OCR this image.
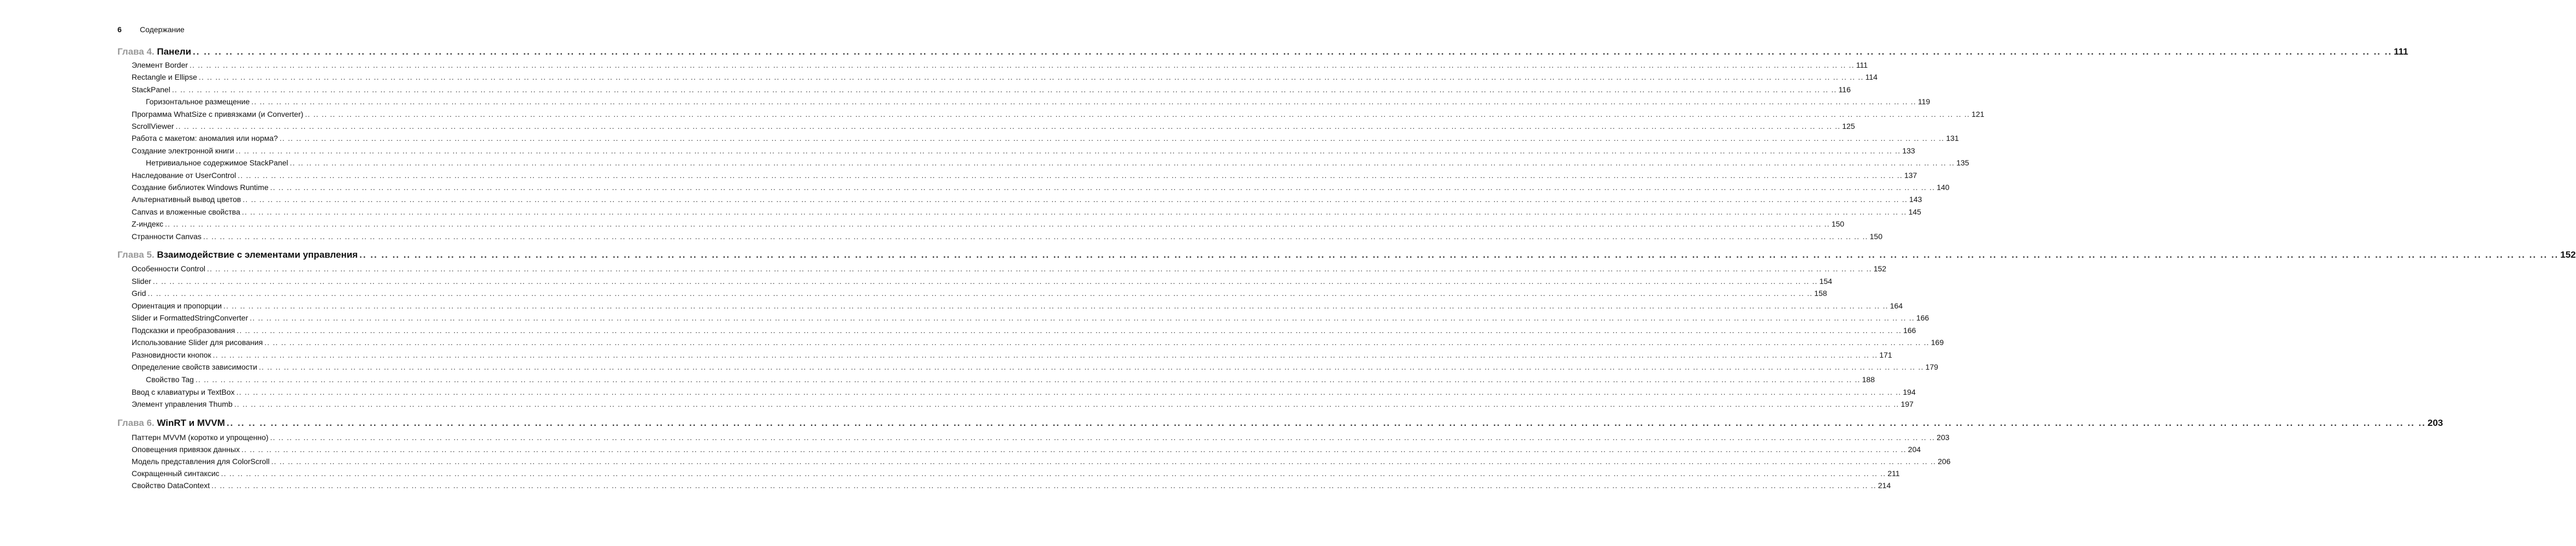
6 Содержание
Глава 4. Панели .. .. .. .. .. .. .. .. .. .. .. .. .. .. .. .. .. .. .. .. .. .. .. .. .. .. .. .. .. .. .. .. .. .. .. .. .. .. .. .. .. .. .. .. .. .. .. .. .. .. .. .. .. .. .. .. .. .. .. .. .. .. .. .. .. .. .. .. .. .. .. .. .. .. .. .. .. .. .. .. .. .. .. .. .. .. .. .. .. .. .. .. .. .. .. .. .. .. .. .. .. .. .. .. .. .. .. .. .. .. .. .. .. .. .. .. .. .. .. .. .. .. .. .. .. .. .. .. .. .. .. .. .. .. .. .. .. .. .. .. .. .. .. .. .. .. .. .. .. .. .. .. .. .. .. .. .. .. .. .. .. .. .. .. .. .. .. .. .. .. .. .. .. .. .. .. .. .. .. .. .. .. .. .. .. .. .. .. .. .. .. .. .. .. .. .. .. .. .. .. 111
Элемент Border .. .. .. .. .. .. .. .. .. .. .. .. .. .. .. .. .. .. .. .. .. .. .. .. .. .. .. .. .. .. .. .. .. .. .. .. .. .. .. .. .. .. .. .. .. .. .. .. .. .. .. .. .. .. .. .. .. .. .. .. .. .. .. .. .. .. .. .. .. .. .. .. .. .. .. .. .. .. .. .. .. .. .. .. .. .. .. .. .. .. .. .. .. .. .. .. .. .. .. .. .. .. .. .. .. .. .. .. .. .. .. .. .. .. .. .. .. .. .. .. .. .. .. .. .. .. .. .. .. .. .. .. .. .. .. .. .. .. .. .. .. .. .. .. .. .. .. .. .. .. .. .. .. .. .. .. .. .. .. .. .. .. .. .. .. .. .. .. .. .. .. .. .. .. .. .. .. .. .. .. .. .. .. .. .. .. .. .. .. .. .. .. .. .. .. .. .. .. .. .. 111
Rectangle и Ellipse .. .. .. .. .. .. .. .. .. .. .. .. .. .. .. .. .. .. .. .. .. .. .. .. .. .. .. .. .. .. .. .. .. .. .. .. .. .. .. .. .. .. .. .. .. .. .. .. .. .. .. .. .. .. .. .. .. .. .. .. .. .. .. .. .. .. .. .. .. .. .. .. .. .. .. .. .. .. .. .. .. .. .. .. .. .. .. .. .. .. .. .. .. .. .. .. .. .. .. .. .. .. .. .. .. .. .. .. .. .. .. .. .. .. .. .. .. .. .. .. .. .. .. .. .. .. .. .. .. .. .. .. .. .. .. .. .. .. .. .. .. .. .. .. .. .. .. .. .. .. .. .. .. .. .. .. .. .. .. .. .. .. .. .. .. .. .. .. .. .. .. .. .. .. .. .. .. .. .. .. .. .. .. .. .. .. .. .. .. .. .. .. .. .. .. .. .. .. .. .. 114
StackPanel .. .. .. .. .. .. .. .. .. .. .. .. .. .. .. .. .. .. .. .. .. .. .. .. .. .. .. .. .. .. .. .. .. .. .. .. .. .. .. .. .. .. .. .. .. .. .. .. .. .. .. .. .. .. .. .. .. .. .. .. .. .. .. .. .. .. .. .. .. .. .. .. .. .. .. .. .. .. .. .. .. .. .. .. .. .. .. .. .. .. .. .. .. .. .. .. .. .. .. .. .. .. .. .. .. .. .. .. .. .. .. .. .. .. .. .. .. .. .. .. .. .. .. .. .. .. .. .. .. .. .. .. .. .. .. .. .. .. .. .. .. .. .. .. .. .. .. .. .. .. .. .. .. .. .. .. .. .. .. .. .. .. .. .. .. .. .. .. .. .. .. .. .. .. .. .. .. .. .. .. .. .. .. .. .. .. .. .. .. .. .. .. .. .. .. .. .. .. .. .. 116
Горизонтальное размещение .. .. .. .. .. .. .. .. .. .. .. .. .. .. .. .. .. .. .. .. .. .. .. .. .. .. .. .. .. .. .. .. .. .. .. .. .. .. .. .. .. .. .. .. .. .. .. .. .. .. .. .. .. .. .. .. .. .. .. .. .. .. .. .. .. .. .. .. .. .. .. .. .. .. .. .. .. .. .. .. .. .. .. .. .. .. .. .. .. .. .. .. .. .. .. .. .. .. .. .. .. .. .. .. .. .. .. .. .. .. .. .. .. .. .. .. .. .. .. .. .. .. .. .. .. .. .. .. .. .. .. .. .. .. .. .. .. .. .. .. .. .. .. .. .. .. .. .. .. .. .. .. .. .. .. .. .. .. .. .. .. .. .. .. .. .. .. .. .. .. .. .. .. .. .. .. .. .. .. .. .. .. .. .. .. .. .. .. .. .. .. .. .. .. .. .. .. .. .. .. 119
Программа WhatSize с привязками (и Converter) .. .. .. .. .. .. .. .. .. .. .. .. .. .. .. .. .. .. .. .. .. .. .. .. .. .. .. .. .. .. .. .. .. .. .. .. .. .. .. .. .. .. .. .. .. .. .. .. .. .. .. .. .. .. .. .. .. .. .. .. .. .. .. .. .. .. .. .. .. .. .. .. .. .. .. .. .. .. .. .. .. .. .. .. .. .. .. .. .. .. .. .. .. .. .. .. .. .. .. .. .. .. .. .. .. .. .. .. .. .. .. .. .. .. .. .. .. .. .. .. .. .. .. .. .. .. .. .. .. .. .. .. .. .. .. .. .. .. .. .. .. .. .. .. .. .. .. .. .. .. .. .. .. .. .. .. .. .. .. .. .. .. .. .. .. .. .. .. .. .. .. .. .. .. .. .. .. .. .. .. .. .. .. .. .. .. .. .. .. .. .. .. .. .. .. .. .. .. .. .. 121
ScrollViewer .. .. .. .. .. .. .. .. .. .. .. .. .. .. .. .. .. .. .. .. .. .. .. .. .. .. .. .. .. .. .. .. .. .. .. .. .. .. .. .. .. .. .. .. .. .. .. .. .. .. .. .. .. .. .. .. .. .. .. .. .. .. .. .. .. .. .. .. .. .. .. .. .. .. .. .. .. .. .. .. .. .. .. .. .. .. .. .. .. .. .. .. .. .. .. .. .. .. .. .. .. .. .. .. .. .. .. .. .. .. .. .. .. .. .. .. .. .. .. .. .. .. .. .. .. .. .. .. .. .. .. .. .. .. .. .. .. .. .. .. .. .. .. .. .. .. .. .. .. .. .. .. .. .. .. .. .. .. .. .. .. .. .. .. .. .. .. .. .. .. .. .. .. .. .. .. .. .. .. .. .. .. .. .. .. .. .. .. .. .. .. .. .. .. .. .. .. .. .. .. 125
Работа с макетом: аномалия или норма? .. .. .. .. .. .. .. .. .. .. .. .. .. .. .. .. .. .. .. .. .. .. .. .. .. .. .. .. .. .. .. .. .. .. .. .. .. .. .. .. .. .. .. .. .. .. .. .. .. .. .. .. .. .. .. .. .. .. .. .. .. .. .. .. .. .. .. .. .. .. .. .. .. .. .. .. .. .. .. .. .. .. .. .. .. .. .. .. .. .. .. .. .. .. .. .. .. .. .. .. .. .. .. .. .. .. .. .. .. .. .. .. .. .. .. .. .. .. .. .. .. .. .. .. .. .. .. .. .. .. .. .. .. .. .. .. .. .. .. .. .. .. .. .. .. .. .. .. .. .. .. .. .. .. .. .. .. .. .. .. .. .. .. .. .. .. .. .. .. .. .. .. .. .. .. .. .. .. .. .. .. .. .. .. .. .. .. .. .. .. .. .. .. .. .. .. .. .. .. .. 131
Создание электронной книги .. .. .. .. .. .. .. .. .. .. .. .. .. .. .. .. .. .. .. .. .. .. .. .. .. .. .. .. .. .. .. .. .. .. .. .. .. .. .. .. .. .. .. .. .. .. .. .. .. .. .. .. .. .. .. .. .. .. .. .. .. .. .. .. .. .. .. .. .. .. .. .. .. .. .. .. .. .. .. .. .. .. .. .. .. .. .. .. .. .. .. .. .. .. .. .. .. .. .. .. .. .. .. .. .. .. .. .. .. .. .. .. .. .. .. .. .. .. .. .. .. .. .. .. .. .. .. .. .. .. .. .. .. .. .. .. .. .. .. .. .. .. .. .. .. .. .. .. .. .. .. .. .. .. .. .. .. .. .. .. .. .. .. .. .. .. .. .. .. .. .. .. .. .. .. .. .. .. .. .. .. .. .. .. .. .. .. .. .. .. .. .. .. .. .. .. .. .. .. .. 133
Нетривиальное содержимое StackPanel .. .. .. .. .. .. .. .. .. .. .. .. .. .. .. .. .. .. .. .. .. .. .. .. .. .. .. .. .. .. .. .. .. .. .. .. .. .. .. .. .. .. .. .. .. .. .. .. .. .. .. .. .. .. .. .. .. .. .. .. .. .. .. .. .. .. .. .. .. .. .. .. .. .. .. .. .. .. .. .. .. .. .. .. .. .. .. .. .. .. .. .. .. .. .. .. .. .. .. .. .. .. .. .. .. .. .. .. .. .. .. .. .. .. .. .. .. .. .. .. .. .. .. .. .. .. .. .. .. .. .. .. .. .. .. .. .. .. .. .. .. .. .. .. .. .. .. .. .. .. .. .. .. .. .. .. .. .. .. .. .. .. .. .. .. .. .. .. .. .. .. .. .. .. .. .. .. .. .. .. .. .. .. .. .. .. .. .. .. .. .. .. .. .. .. .. .. .. .. .. 135
Наследование от UserControl .. .. .. .. .. .. .. .. .. .. .. .. .. .. .. .. .. .. .. .. .. .. .. .. .. .. .. .. .. .. .. .. .. .. .. .. .. .. .. .. .. .. .. .. .. .. .. .. .. .. .. .. .. .. .. .. .. .. .. .. .. .. .. .. .. .. .. .. .. .. .. .. .. .. .. .. .. .. .. .. .. .. .. .. .. .. .. .. .. .. .. .. .. .. .. .. .. .. .. .. .. .. .. .. .. .. .. .. .. .. .. .. .. .. .. .. .. .. .. .. .. .. .. .. .. .. .. .. .. .. .. .. .. .. .. .. .. .. .. .. .. .. .. .. .. .. .. .. .. .. .. .. .. .. .. .. .. .. .. .. .. .. .. .. .. .. .. .. .. .. .. .. .. .. .. .. .. .. .. .. .. .. .. .. .. .. .. .. .. .. .. .. .. .. .. .. .. .. .. .. 137
Создание библиотек Windows Runtime .. .. .. .. .. .. .. .. .. .. .. .. .. .. .. .. .. .. .. .. .. .. .. .. .. .. .. .. .. .. .. .. .. .. .. .. .. .. .. .. .. .. .. .. .. .. .. .. .. .. .. .. .. .. .. .. .. .. .. .. .. .. .. .. .. .. .. .. .. .. .. .. .. .. .. .. .. .. .. .. .. .. .. .. .. .. .. .. .. .. .. .. .. .. .. .. .. .. .. .. .. .. .. .. .. .. .. .. .. .. .. .. .. .. .. .. .. .. .. .. .. .. .. .. .. .. .. .. .. .. .. .. .. .. .. .. .. .. .. .. .. .. .. .. .. .. .. .. .. .. .. .. .. .. .. .. .. .. .. .. .. .. .. .. .. .. .. .. .. .. .. .. .. .. .. .. .. .. .. .. .. .. .. .. .. .. .. .. .. .. .. .. .. .. .. .. .. .. .. .. 140
Альтернативный вывод цветов .. .. .. .. .. .. .. .. .. .. .. .. .. .. .. .. .. .. .. .. .. .. .. .. .. .. .. .. .. .. .. .. .. .. .. .. .. .. .. .. .. .. .. .. .. .. .. .. .. .. .. .. .. .. .. .. .. .. .. .. .. .. .. .. .. .. .. .. .. .. .. .. .. .. .. .. .. .. .. .. .. .. .. .. .. .. .. .. .. .. .. .. .. .. .. .. .. .. .. .. .. .. .. .. .. .. .. .. .. .. .. .. .. .. .. .. .. .. .. .. .. .. .. .. .. .. .. .. .. .. .. .. .. .. .. .. .. .. .. .. .. .. .. .. .. .. .. .. .. .. .. .. .. .. .. .. .. .. .. .. .. .. .. .. .. .. .. .. .. .. .. .. .. .. .. .. .. .. .. .. .. .. .. .. .. .. .. .. .. .. .. .. .. .. .. .. .. .. .. .. 143
Canvas и вложенные свойства .. .. .. .. .. .. .. .. .. .. .. .. .. .. .. .. .. .. .. .. .. .. .. .. .. .. .. .. .. .. .. .. .. .. .. .. .. .. .. .. .. .. .. .. .. .. .. .. .. .. .. .. .. .. .. .. .. .. .. .. .. .. .. .. .. .. .. .. .. .. .. .. .. .. .. .. .. .. .. .. .. .. .. .. .. .. .. .. .. .. .. .. .. .. .. .. .. .. .. .. .. .. .. .. .. .. .. .. .. .. .. .. .. .. .. .. .. .. .. .. .. .. .. .. .. .. .. .. .. .. .. .. .. .. .. .. .. .. .. .. .. .. .. .. .. .. .. .. .. .. .. .. .. .. .. .. .. .. .. .. .. .. .. .. .. .. .. .. .. .. .. .. .. .. .. .. .. .. .. .. .. .. .. .. .. .. .. .. .. .. .. .. .. .. .. .. .. .. .. .. 145
Z-индекс .. .. .. .. .. .. .. .. .. .. .. .. .. .. .. .. .. .. .. .. .. .. .. .. .. .. .. .. .. .. .. .. .. .. .. .. .. .. .. .. .. .. .. .. .. .. .. .. .. .. .. .. .. .. .. .. .. .. .. .. .. .. .. .. .. .. .. .. .. .. .. .. .. .. .. .. .. .. .. .. .. .. .. .. .. .. .. .. .. .. .. .. .. .. .. .. .. .. .. .. .. .. .. .. .. .. .. .. .. .. .. .. .. .. .. .. .. .. .. .. .. .. .. .. .. .. .. .. .. .. .. .. .. .. .. .. .. .. .. .. .. .. .. .. .. .. .. .. .. .. .. .. .. .. .. .. .. .. .. .. .. .. .. .. .. .. .. .. .. .. .. .. .. .. .. .. .. .. .. .. .. .. .. .. .. .. .. .. .. .. .. .. .. .. .. .. .. .. .. .. 150
Странности Canvas .. .. .. .. .. .. .. .. .. .. .. .. .. .. .. .. .. .. .. .. .. .. .. .. .. .. .. .. .. .. .. .. .. .. .. .. .. .. .. .. .. .. .. .. .. .. .. .. .. .. .. .. .. .. .. .. .. .. .. .. .. .. .. .. .. .. .. .. .. .. .. .. .. .. .. .. .. .. .. .. .. .. .. .. .. .. .. .. .. .. .. .. .. .. .. .. .. .. .. .. .. .. .. .. .. .. .. .. .. .. .. .. .. .. .. .. .. .. .. .. .. .. .. .. .. .. .. .. .. .. .. .. .. .. .. .. .. .. .. .. .. .. .. .. .. .. .. .. .. .. .. .. .. .. .. .. .. .. .. .. .. .. .. .. .. .. .. .. .. .. .. .. .. .. .. .. .. .. .. .. .. .. .. .. .. .. .. .. .. .. .. .. .. .. .. .. .. .. .. .. 150
Глава 5. Взаимодействие с элементами управления .. .. .. .. .. .. .. .. .. .. .. .. .. .. .. .. .. .. .. .. .. .. .. .. .. .. .. .. .. .. .. .. .. .. .. .. .. .. .. .. .. .. .. .. .. .. .. .. .. .. .. .. .. .. .. .. .. .. .. .. .. .. .. .. .. .. .. .. .. .. .. .. .. .. .. .. .. .. .. .. .. .. .. .. .. .. .. .. .. .. .. .. .. .. .. .. .. .. .. .. .. .. .. .. .. .. .. .. .. .. .. .. .. .. .. .. .. .. .. .. .. .. .. .. .. .. .. .. .. .. .. .. .. .. .. .. .. .. .. .. .. .. .. .. .. .. .. .. .. .. .. .. .. .. .. .. .. .. .. .. .. .. .. .. .. .. .. .. .. .. .. .. .. .. .. .. .. .. .. .. .. .. .. .. .. .. .. .. .. .. .. .. .. .. .. .. .. .. .. .. 152
Особенности Control .. .. .. .. .. .. .. .. .. .. .. .. .. .. .. .. .. .. .. .. .. .. .. .. .. .. .. .. .. .. .. .. .. .. .. .. .. .. .. .. .. .. .. .. .. .. .. .. .. .. .. .. .. .. .. .. .. .. .. .. .. .. .. .. .. .. .. .. .. .. .. .. .. .. .. .. .. .. .. .. .. .. .. .. .. .. .. .. .. .. .. .. .. .. .. .. .. .. .. .. .. .. .. .. .. .. .. .. .. .. .. .. .. .. .. .. .. .. .. .. .. .. .. .. .. .. .. .. .. .. .. .. .. .. .. .. .. .. .. .. .. .. .. .. .. .. .. .. .. .. .. .. .. .. .. .. .. .. .. .. .. .. .. .. .. .. .. .. .. .. .. .. .. .. .. .. .. .. .. .. .. .. .. .. .. .. .. .. .. .. .. .. .. .. .. .. .. .. .. .. 152
Slider .. .. .. .. .. .. .. .. .. .. .. .. .. .. .. .. .. .. .. .. .. .. .. .. .. .. .. .. .. .. .. .. .. .. .. .. .. .. .. .. .. .. .. .. .. .. .. .. .. .. .. .. .. .. .. .. .. .. .. .. .. .. .. .. .. .. .. .. .. .. .. .. .. .. .. .. .. .. .. .. .. .. .. .. .. .. .. .. .. .. .. .. .. .. .. .. .. .. .. .. .. .. .. .. .. .. .. .. .. .. .. .. .. .. .. .. .. .. .. .. .. .. .. .. .. .. .. .. .. .. .. .. .. .. .. .. .. .. .. .. .. .. .. .. .. .. .. .. .. .. .. .. .. .. .. .. .. .. .. .. .. .. .. .. .. .. .. .. .. .. .. .. .. .. .. .. .. .. .. .. .. .. .. .. .. .. .. .. .. .. .. .. .. .. .. .. .. .. .. .. 154
Grid .. .. .. .. .. .. .. .. .. .. .. .. .. .. .. .. .. .. .. .. .. .. .. .. .. .. .. .. .. .. .. .. .. .. .. .. .. .. .. .. .. .. .. .. .. .. .. .. .. .. .. .. .. .. .. .. .. .. .. .. .. .. .. .. .. .. .. .. .. .. .. .. .. .. .. .. .. .. .. .. .. .. .. .. .. .. .. .. .. .. .. .. .. .. .. .. .. .. .. .. .. .. .. .. .. .. .. .. .. .. .. .. .. .. .. .. .. .. .. .. .. .. .. .. .. .. .. .. .. .. .. .. .. .. .. .. .. .. .. .. .. .. .. .. .. .. .. .. .. .. .. .. .. .. .. .. .. .. .. .. .. .. .. .. .. .. .. .. .. .. .. .. .. .. .. .. .. .. .. .. .. .. .. .. .. .. .. .. .. .. .. .. .. .. .. .. .. .. .. .. 158
Ориентация и пропорции .. .. .. .. .. .. .. .. .. .. .. .. .. .. .. .. .. .. .. .. .. .. .. .. .. .. .. .. .. .. .. .. .. .. .. .. .. .. .. .. .. .. .. .. .. .. .. .. .. .. .. .. .. .. .. .. .. .. .. .. .. .. .. .. .. .. .. .. .. .. .. .. .. .. .. .. .. .. .. .. .. .. .. .. .. .. .. .. .. .. .. .. .. .. .. .. .. .. .. .. .. .. .. .. .. .. .. .. .. .. .. .. .. .. .. .. .. .. .. .. .. .. .. .. .. .. .. .. .. .. .. .. .. .. .. .. .. .. .. .. .. .. .. .. .. .. .. .. .. .. .. .. .. .. .. .. .. .. .. .. .. .. .. .. .. .. .. .. .. .. .. .. .. .. .. .. .. .. .. .. .. .. .. .. .. .. .. .. .. .. .. .. .. .. .. .. .. .. .. .. 164
Slider и FormattedStringConverter .. .. .. .. .. .. .. .. .. .. .. .. .. .. .. .. .. .. .. .. .. .. .. .. .. .. .. .. .. .. .. .. .. .. .. .. .. .. .. .. .. .. .. .. .. .. .. .. .. .. .. .. .. .. .. .. .. .. .. .. .. .. .. .. .. .. .. .. .. .. .. .. .. .. .. .. .. .. .. .. .. .. .. .. .. .. .. .. .. .. .. .. .. .. .. .. .. .. .. .. .. .. .. .. .. .. .. .. .. .. .. .. .. .. .. .. .. .. .. .. .. .. .. .. .. .. .. .. .. .. .. .. .. .. .. .. .. .. .. .. .. .. .. .. .. .. .. .. .. .. .. .. .. .. .. .. .. .. .. .. .. .. .. .. .. .. .. .. .. .. .. .. .. .. .. .. .. .. .. .. .. .. .. .. .. .. .. .. .. .. .. .. .. .. .. .. .. .. .. .. 166
Подсказки и преобразования .. .. .. .. .. .. .. .. .. .. .. .. .. .. .. .. .. .. .. .. .. .. .. .. .. .. .. .. .. .. .. .. .. .. .. .. .. .. .. .. .. .. .. .. .. .. .. .. .. .. .. .. .. .. .. .. .. .. .. .. .. .. .. .. .. .. .. .. .. .. .. .. .. .. .. .. .. .. .. .. .. .. .. .. .. .. .. .. .. .. .. .. .. .. .. .. .. .. .. .. .. .. .. .. .. .. .. .. .. .. .. .. .. .. .. .. .. .. .. .. .. .. .. .. .. .. .. .. .. .. .. .. .. .. .. .. .. .. .. .. .. .. .. .. .. .. .. .. .. .. .. .. .. .. .. .. .. .. .. .. .. .. .. .. .. .. .. .. .. .. .. .. .. .. .. .. .. .. .. .. .. .. .. .. .. .. .. .. .. .. .. .. .. .. .. .. .. .. .. .. 166
Использование Slider для рисования .. .. .. .. .. .. .. .. .. .. .. .. .. .. .. .. .. .. .. .. .. .. .. .. .. .. .. .. .. .. .. .. .. .. .. .. .. .. .. .. .. .. .. .. .. .. .. .. .. .. .. .. .. .. .. .. .. .. .. .. .. .. .. .. .. .. .. .. .. .. .. .. .. .. .. .. .. .. .. .. .. .. .. .. .. .. .. .. .. .. .. .. .. .. .. .. .. .. .. .. .. .. .. .. .. .. .. .. .. .. .. .. .. .. .. .. .. .. .. .. .. .. .. .. .. .. .. .. .. .. .. .. .. .. .. .. .. .. .. .. .. .. .. .. .. .. .. .. .. .. .. .. .. .. .. .. .. .. .. .. .. .. .. .. .. .. .. .. .. .. .. .. .. .. .. .. .. .. .. .. .. .. .. .. .. .. .. .. .. .. .. .. .. .. .. .. .. .. .. .. 169
Разновидности кнопок .. .. .. .. .. .. .. .. .. .. .. .. .. .. .. .. .. .. .. .. .. .. .. .. .. .. .. .. .. .. .. .. .. .. .. .. .. .. .. .. .. .. .. .. .. .. .. .. .. .. .. .. .. .. .. .. .. .. .. .. .. .. .. .. .. .. .. .. .. .. .. .. .. .. .. .. .. .. .. .. .. .. .. .. .. .. .. .. .. .. .. .. .. .. .. .. .. .. .. .. .. .. .. .. .. .. .. .. .. .. .. .. .. .. .. .. .. .. .. .. .. .. .. .. .. .. .. .. .. .. .. .. .. .. .. .. .. .. .. .. .. .. .. .. .. .. .. .. .. .. .. .. .. .. .. .. .. .. .. .. .. .. .. .. .. .. .. .. .. .. .. .. .. .. .. .. .. .. .. .. .. .. .. .. .. .. .. .. .. .. .. .. .. .. .. .. .. .. .. .. 171
Определение свойств зависимости .. .. .. .. .. .. .. .. .. .. .. .. .. .. .. .. .. .. .. .. .. .. .. .. .. .. .. .. .. .. .. .. .. .. .. .. .. .. .. .. .. .. .. .. .. .. .. .. .. .. .. .. .. .. .. .. .. .. .. .. .. .. .. .. .. .. .. .. .. .. .. .. .. .. .. .. .. .. .. .. .. .. .. .. .. .. .. .. .. .. .. .. .. .. .. .. .. .. .. .. .. .. .. .. .. .. .. .. .. .. .. .. .. .. .. .. .. .. .. .. .. .. .. .. .. .. .. .. .. .. .. .. .. .. .. .. .. .. .. .. .. .. .. .. .. .. .. .. .. .. .. .. .. .. .. .. .. .. .. .. .. .. .. .. .. .. .. .. .. .. .. .. .. .. .. .. .. .. .. .. .. .. .. .. .. .. .. .. .. .. .. .. .. .. .. .. .. .. .. .. 179
Свойство Tag .. .. .. .. .. .. .. .. .. .. .. .. .. .. .. .. .. .. .. .. .. .. .. .. .. .. .. .. .. .. .. .. .. .. .. .. .. .. .. .. .. .. .. .. .. .. .. .. .. .. .. .. .. .. .. .. .. .. .. .. .. .. .. .. .. .. .. .. .. .. .. .. .. .. .. .. .. .. .. .. .. .. .. .. .. .. .. .. .. .. .. .. .. .. .. .. .. .. .. .. .. .. .. .. .. .. .. .. .. .. .. .. .. .. .. .. .. .. .. .. .. .. .. .. .. .. .. .. .. .. .. .. .. .. .. .. .. .. .. .. .. .. .. .. .. .. .. .. .. .. .. .. .. .. .. .. .. .. .. .. .. .. .. .. .. .. .. .. .. .. .. .. .. .. .. .. .. .. .. .. .. .. .. .. .. .. .. .. .. .. .. .. .. .. .. .. .. .. .. .. 188
Ввод с клавиатуры и TextBox .. .. .. .. .. .. .. .. .. .. .. .. .. .. .. .. .. .. .. .. .. .. .. .. .. .. .. .. .. .. .. .. .. .. .. .. .. .. .. .. .. .. .. .. .. .. .. .. .. .. .. .. .. .. .. .. .. .. .. .. .. .. .. .. .. .. .. .. .. .. .. .. .. .. .. .. .. .. .. .. .. .. .. .. .. .. .. .. .. .. .. .. .. .. .. .. .. .. .. .. .. .. .. .. .. .. .. .. .. .. .. .. .. .. .. .. .. .. .. .. .. .. .. .. .. .. .. .. .. .. .. .. .. .. .. .. .. .. .. .. .. .. .. .. .. .. .. .. .. .. .. .. .. .. .. .. .. .. .. .. .. .. .. .. .. .. .. .. .. .. .. .. .. .. .. .. .. .. .. .. .. .. .. .. .. .. .. .. .. .. .. .. .. .. .. .. .. .. .. .. 194
Элемент управления Thumb .. .. .. .. .. .. .. .. .. .. .. .. .. .. .. .. .. .. .. .. .. .. .. .. .. .. .. .. .. .. .. .. .. .. .. .. .. .. .. .. .. .. .. .. .. .. .. .. .. .. .. .. .. .. .. .. .. .. .. .. .. .. .. .. .. .. .. .. .. .. .. .. .. .. .. .. .. .. .. .. .. .. .. .. .. .. .. .. .. .. .. .. .. .. .. .. .. .. .. .. .. .. .. .. .. .. .. .. .. .. .. .. .. .. .. .. .. .. .. .. .. .. .. .. .. .. .. .. .. .. .. .. .. .. .. .. .. .. .. .. .. .. .. .. .. .. .. .. .. .. .. .. .. .. .. .. .. .. .. .. .. .. .. .. .. .. .. .. .. .. .. .. .. .. .. .. .. .. .. .. .. .. .. .. .. .. .. .. .. .. .. .. .. .. .. .. .. .. .. .. 197
Глава 6. WinRT и MVVM .. .. .. .. .. .. .. .. .. .. .. .. .. .. .. .. .. .. .. .. .. .. .. .. .. .. .. .. .. .. .. .. .. .. .. .. .. .. .. .. .. .. .. .. .. .. .. .. .. .. .. .. .. .. .. .. .. .. .. .. .. .. .. .. .. .. .. .. .. .. .. .. .. .. .. .. .. .. .. .. .. .. .. .. .. .. .. .. .. .. .. .. .. .. .. .. .. .. .. .. .. .. .. .. .. .. .. .. .. .. .. .. .. .. .. .. .. .. .. .. .. .. .. .. .. .. .. .. .. .. .. .. .. .. .. .. .. .. .. .. .. .. .. .. .. .. .. .. .. .. .. .. .. .. .. .. .. .. .. .. .. .. .. .. .. .. .. .. .. .. .. .. .. .. .. .. .. .. .. .. .. .. .. .. .. .. .. .. .. .. .. .. .. .. .. .. .. .. .. .. 203
Паттерн MVVM (коротко и упрощенно) .. .. .. .. .. .. .. .. .. .. .. .. .. .. .. .. .. .. .. .. .. .. .. .. .. .. .. .. .. .. .. .. .. .. .. .. .. .. .. .. .. .. .. .. .. .. .. .. .. .. .. .. .. .. .. .. .. .. .. .. .. .. .. .. .. .. .. .. .. .. .. .. .. .. .. .. .. .. .. .. .. .. .. .. .. .. .. .. .. .. .. .. .. .. .. .. .. .. .. .. .. .. .. .. .. .. .. .. .. .. .. .. .. .. .. .. .. .. .. .. .. .. .. .. .. .. .. .. .. .. .. .. .. .. .. .. .. .. .. .. .. .. .. .. .. .. .. .. .. .. .. .. .. .. .. .. .. .. .. .. .. .. .. .. .. .. .. .. .. .. .. .. .. .. .. .. .. .. .. .. .. .. .. .. .. .. .. .. .. .. .. .. .. .. .. .. .. .. .. .. 203
Оповещения привязок данных .. .. .. .. .. .. .. .. .. .. .. .. .. .. .. .. .. .. .. .. .. .. .. .. .. .. .. .. .. .. .. .. .. .. .. .. .. .. .. .. .. .. .. .. .. .. .. .. .. .. .. .. .. .. .. .. .. .. .. .. .. .. .. .. .. .. .. .. .. .. .. .. .. .. .. .. .. .. .. .. .. .. .. .. .. .. .. .. .. .. .. .. .. .. .. .. .. .. .. .. .. .. .. .. .. .. .. .. .. .. .. .. .. .. .. .. .. .. .. .. .. .. .. .. .. .. .. .. .. .. .. .. .. .. .. .. .. .. .. .. .. .. .. .. .. .. .. .. .. .. .. .. .. .. .. .. .. .. .. .. .. .. .. .. .. .. .. .. .. .. .. .. .. .. .. .. .. .. .. .. .. .. .. .. .. .. .. .. .. .. .. .. .. .. .. .. .. .. .. .. 204
Модель представления для ColorScroll .. .. .. .. .. .. .. .. .. .. .. .. .. .. .. .. .. .. .. .. .. .. .. .. .. .. .. .. .. .. .. .. .. .. .. .. .. .. .. .. .. .. .. .. .. .. .. .. .. .. .. .. .. .. .. .. .. .. .. .. .. .. .. .. .. .. .. .. .. .. .. .. .. .. .. .. .. .. .. .. .. .. .. .. .. .. .. .. .. .. .. .. .. .. .. .. .. .. .. .. .. .. .. .. .. .. .. .. .. .. .. .. .. .. .. .. .. .. .. .. .. .. .. .. .. .. .. .. .. .. .. .. .. .. .. .. .. .. .. .. .. .. .. .. .. .. .. .. .. .. .. .. .. .. .. .. .. .. .. .. .. .. .. .. .. .. .. .. .. .. .. .. .. .. .. .. .. .. .. .. .. .. .. .. .. .. .. .. .. .. .. .. .. .. .. .. .. .. .. .. 206
Сокращенный синтаксис .. .. .. .. .. .. .. .. .. .. .. .. .. .. .. .. .. .. .. .. .. .. .. .. .. .. .. .. .. .. .. .. .. .. .. .. .. .. .. .. .. .. .. .. .. .. .. .. .. .. .. .. .. .. .. .. .. .. .. .. .. .. .. .. .. .. .. .. .. .. .. .. .. .. .. .. .. .. .. .. .. .. .. .. .. .. .. .. .. .. .. .. .. .. .. .. .. .. .. .. .. .. .. .. .. .. .. .. .. .. .. .. .. .. .. .. .. .. .. .. .. .. .. .. .. .. .. .. .. .. .. .. .. .. .. .. .. .. .. .. .. .. .. .. .. .. .. .. .. .. .. .. .. .. .. .. .. .. .. .. .. .. .. .. .. .. .. .. .. .. .. .. .. .. .. .. .. .. .. .. .. .. .. .. .. .. .. .. .. .. .. .. .. .. .. .. .. .. .. .. 211
Свойство DataContext .. .. .. .. .. .. .. .. .. .. .. .. .. .. .. .. .. .. .. .. .. .. .. .. .. .. .. .. .. .. .. .. .. .. .. .. .. .. .. .. .. .. .. .. .. .. .. .. .. .. .. .. .. .. .. .. .. .. .. .. .. .. .. .. .. .. .. .. .. .. .. .. .. .. .. .. .. .. .. .. .. .. .. .. .. .. .. .. .. .. .. .. .. .. .. .. .. .. .. .. .. .. .. .. .. .. .. .. .. .. .. .. .. .. .. .. .. .. .. .. .. .. .. .. .. .. .. .. .. .. .. .. .. .. .. .. .. .. .. .. .. .. .. .. .. .. .. .. .. .. .. .. .. .. .. .. .. .. .. .. .. .. .. .. .. .. .. .. .. .. .. .. .. .. .. .. .. .. .. .. .. .. .. .. .. .. .. .. .. .. .. .. .. .. .. .. .. .. .. .. 214
